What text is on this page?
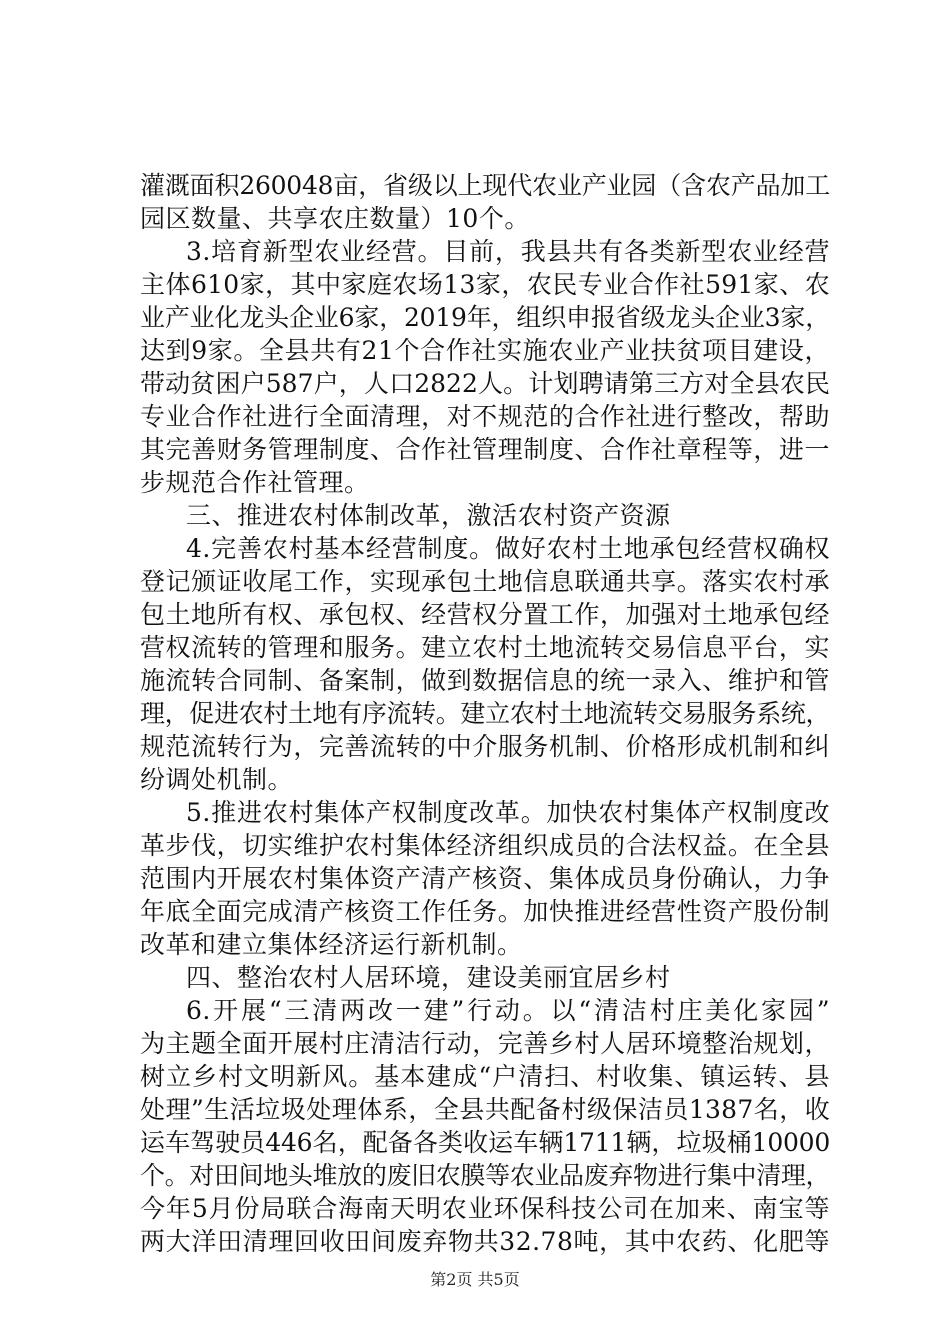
灌溉面积260048亩，省级以上现代农业产业园（含农产品加工
园区数量、共享农庄数量）10个。
3.培育新型农业经营。目前，我县共有各类新型农业经营
主体610家，其中家庭农场13家，农民专业合作社591家、农
业产业化龙头企业6家，2019年，组织申报省级龙头企业3家，
达到9家。全县共有21个合作社实施农业产业扶贫项目建设，
带动贫困户587户，人口2822人。计划聘请第三方对全县农民
专业合作社进行全面清理，对不规范的合作社进行整改，帮助
其完善财务管理制度、合作社管理制度、合作社章程等，进一
步规范合作社管理。
三、推进农村体制改革，激活农村资产资源
4.完善农村基本经营制度。做好农村土地承包经营权确权
登记颁证收尾工作，实现承包土地信息联通共享。落实农村承
包土地所有权、承包权、经营权分置工作，加强对土地承包经
营权流转的管理和服务。建立农村土地流转交易信息平台，实
施流转合同制、备案制，做到数据信息的统一录入、维护和管
理，促进农村土地有序流转。建立农村土地流转交易服务系统，
规范流转行为，完善流转的中介服务机制、价格形成机制和纠
纷调处机制。
5.推进农村集体产权制度改革。加快农村集体产权制度改
革步伐，切实维护农村集体经济组织成员的合法权益。在全县
范围内开展农村集体资产清产核资、集体成员身份确认，力争
年底全面完成清产核资工作任务。加快推进经营性资产股份制
改革和建立集体经济运行新机制。
四、整治农村人居环境，建设美丽宜居乡村
6.开展“三清两改一建”行动。以“清洁村庄美化家园”
为主题全面开展村庄清洁行动，完善乡村人居环境整治规划，
树立乡村文明新风。基本建成“户清扫、村收集、镇运转、县
处理”生活垃圾处理体系，全县共配备村级保洁员1387名，收
运车驾驶员446名，配备各类收运车辆1711辆，垃圾桶10000
个。对田间地头堆放的废旧农膜等农业品废弃物进行集中清理，
今年5月份局联合海南天明农业环保科技公司在加来、南宝等
两大洋田清理回收田间废弃物共32.78吨，其中农药、化肥等
第2页 共5页
